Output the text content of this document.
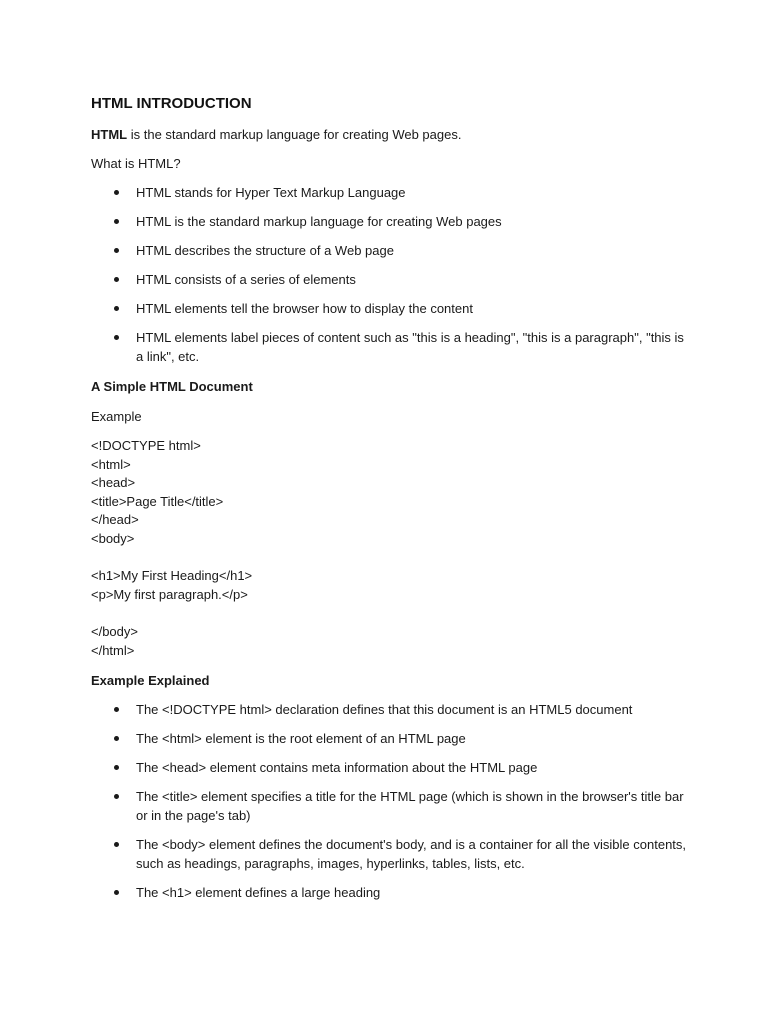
HTML INTRODUCTION

HTML is the standard markup language for creating Web pages.

What is HTML?

HTML stands for Hyper Text Markup Language
HTML is the standard markup language for creating Web pages
HTML describes the structure of a Web page
HTML consists of a series of elements
HTML elements tell the browser how to display the content
HTML elements label pieces of content such as "this is a heading", "this is a paragraph", "this is a link", etc.

A Simple HTML Document

Example

<!DOCTYPE html>
<html>
<head>
<title>Page Title</title>
</head>
<body>
<h1>My First Heading</h1>
<p>My first paragraph.</p>
</body>
</html>

Example Explained

The <!DOCTYPE html> declaration defines that this document is an HTML5 document
The <html> element is the root element of an HTML page
The <head> element contains meta information about the HTML page
The <title> element specifies a title for the HTML page (which is shown in the browser's title bar or in the page's tab)
The <body> element defines the document's body, and is a container for all the visible contents, such as headings, paragraphs, images, hyperlinks, tables, lists, etc.
The <h1> element defines a large heading
